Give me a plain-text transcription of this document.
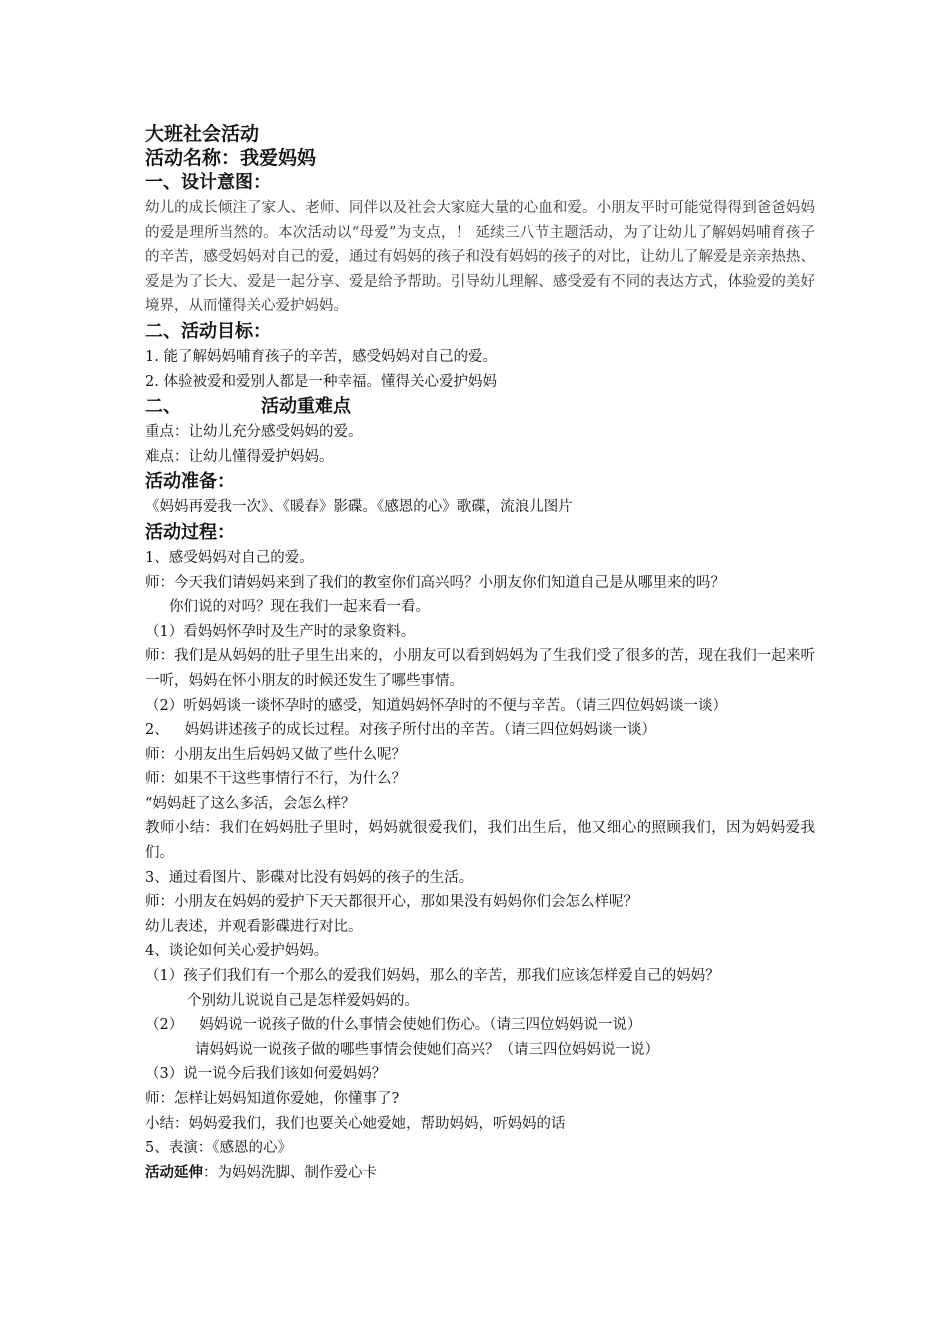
大班社会活动
活动名称：我爱妈妈
一、设计意图：

幼儿的成长倾注了家人、老师、同伴以及社会大家庭大量的心血和爱。小朋友平时可能觉得得到爸爸妈妈的爱是理所当然的。本次活动以“母爱”为支点，！ 延续三八节主题活动，为了让幼儿了解妈妈哺育孩子的辛苦，感受妈妈对自己的爱，通过有妈妈的孩子和没有妈妈的孩子的对比，让幼儿了解爱是亲亲热热、爱是为了长大、爱是一起分享、爱是给予帮助。引导幼儿理解、感受爱有不同的表达方式，体验爱的美好境界，从而懂得关心爱护妈妈。

二、活动目标：

1. 能了解妈妈哺育孩子的辛苦，感受妈妈对自己的爱。

2. 体验被爱和爱别人都是一种幸福。懂得关心爱护妈妈

二、	活动重难点

重点：让幼儿充分感受妈妈的爱。

难点：让幼儿懂得爱护妈妈。

活动准备：

《妈妈再爱我一次》、《暖春》影碟。《感恩的心》歌碟，流浪儿图片

活动过程：

1、感受妈妈对自己的爱。

师：今天我们请妈妈来到了我们的教室你们高兴吗？小朋友你们知道自己是从哪里来的吗？

你们说的对吗？现在我们一起来看一看。

（1）看妈妈怀孕时及生产时的录象资料。

师：我们是从妈妈的肚子里生出来的，小朋友可以看到妈妈为了生我们受了很多的苦，现在我们一起来听一听，妈妈在怀小朋友的时候还发生了哪些事情。

（2）听妈妈谈一谈怀孕时的感受，知道妈妈怀孕时的不便与辛苦。（请三四位妈妈谈一谈）

2、 妈妈讲述孩子的成长过程。对孩子所付出的辛苦。（请三四位妈妈谈一谈）

师：小朋友出生后妈妈又做了些什么呢？

师：如果不干这些事情行不行，为什么？

“妈妈赶了这么多活，会怎么样？

教师小结：我们在妈妈肚子里时，妈妈就很爱我们，我们出生后，他又细心的照顾我们，因为妈妈爱我们。

3、通过看图片、影碟对比没有妈妈的孩子的生活。

师：小朋友在妈妈的爱护下天天都很开心，那如果没有妈妈你们会怎么样呢？

幼儿表述，并观看影碟进行对比。

4、谈论如何关心爱护妈妈。

（1）孩子们我们有一个那么的爱我们妈妈，那么的辛苦，那我们应该怎样爱自己的妈妈？

个别幼儿说说自己是怎样爱妈妈的。

（2） 妈妈说一说孩子做的什么事情会使她们伤心。（请三四位妈妈说一说）

请妈妈说一说孩子做的哪些事情会使她们高兴？（请三四位妈妈说一说）

（3）说一说今后我们该如何爱妈妈？

师：怎样让妈妈知道你爱她，你懂事了?

小结：妈妈爱我们，我们也要关心她爱她，帮助妈妈，听妈妈的话

5、表演：《感恩的心》

活动延伸：为妈妈洗脚、制作爱心卡
